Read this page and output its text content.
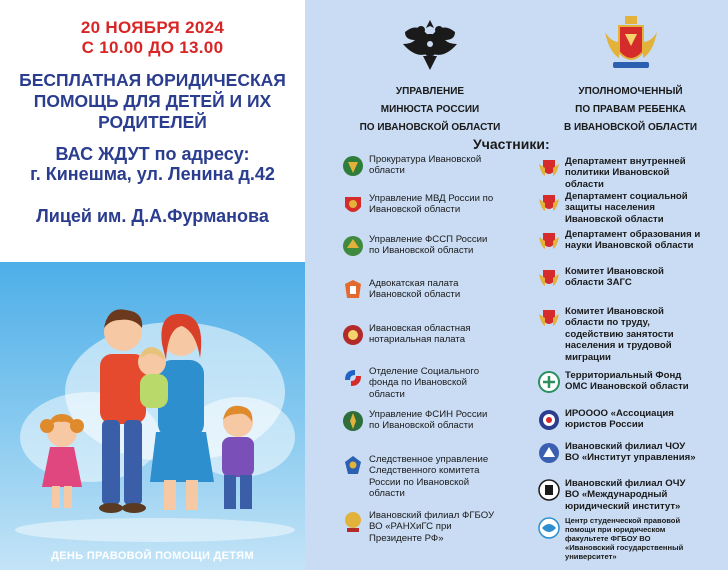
20 НОЯБРЯ 2024
С 10.00 ДО 13.00
БЕСПЛАТНАЯ ЮРИДИЧЕСКАЯ
ПОМОЩЬ ДЛЯ ДЕТЕЙ И ИХ
РОДИТЕЛЕЙ
ВАС ЖДУТ по адресу:
г. Кинешма, ул. Ленина д.42
Лицей им. Д.А.Фурманова
ДЕНЬ ПРАВОВОЙ ПОМОЩИ ДЕТЯМ
УПРАВЛЕНИЕ
МИНЮСТА РОССИИ
ПО ИВАНОВСКОЙ ОБЛАСТИ
УПОЛНОМОЧЕННЫЙ
ПО ПРАВАМ РЕБЕНКА
В ИВАНОВСКОЙ ОБЛАСТИ
Участники:
Прокуратура Ивановской
области
Управление МВД России по
Ивановской области
Управление ФССП России
по Ивановской области
Адвокатская палата
Ивановской области
Ивановская областная
нотариальная палата
Отделение Социального
фонда по Ивановской
области
Управление ФСИН России
по Ивановской области
Следственное управление
Следственного комитета
России по Ивановской
области
Ивановский филиал ФГБОУ
ВО «РАНХиГС при
Президенте РФ»
Департамент внутренней
политики Ивановской
области
Департамент социальной
защиты населения
Ивановской области
Департамент образования и
науки Ивановской области
Комитет Ивановской
области ЗАГС
Комитет Ивановской
области по труду,
содействию занятости
населения и трудовой
миграции
Территориальный Фонд
ОМС Ивановской области
ИРОООО «Ассоциация
юристов России
Ивановский филиал ЧОУ
ВО «Институт управления»
Ивановский филиал ОЧУ
ВО «Международный
юридический институт»
Центр студенческой правовой
помощи при юридическом
факультете ФГБОУ ВО
«Ивановский государственный
университет»
